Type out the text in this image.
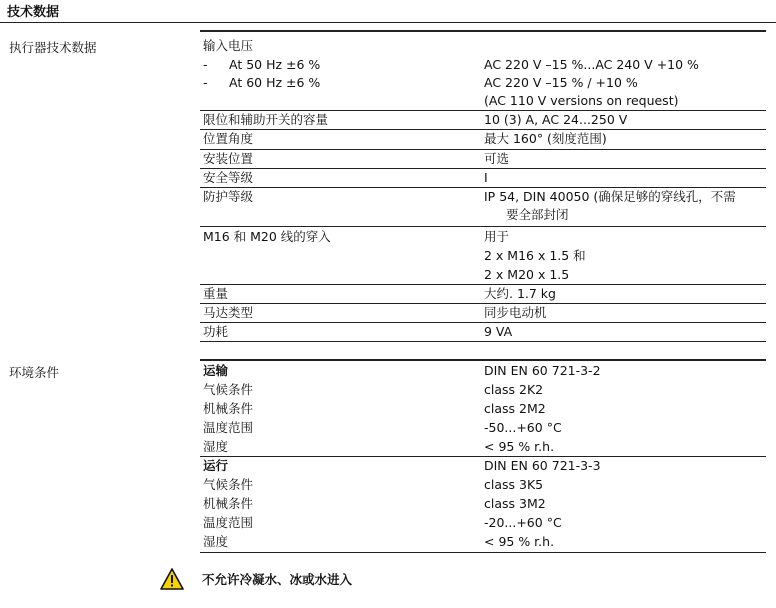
技术数据
执行器技术数据	输入电压
- At 50 Hz ±6 %	AC 220 V –15 %...AC 240 V +10 %
- At 60 Hz ±6 %	AC 220 V –15 % / +10 %
(AC 110 V versions on request)
限位和辅助开关的容量	10 (3) A, AC 24...250 V
位置角度	最大 160° (刻度范围)
安装位置	可选
安全等级	I
防护等级	IP 54, DIN 40050 (确保足够的穿线孔，不需
要全部封闭
M16 和 M20 线的穿入	用于
2 x M16 x 1.5 和
2 x M20 x 1.5
重量	大约. 1.7 kg
马达类型	同步电动机
功耗	9 VA
环境条件	运输	DIN EN 60 721-3-2
气候条件	class 2K2
机械条件	class 2M2
温度范围	-50...+60 °C
湿度	< 95 % r.h.
运行	DIN EN 60 721-3-3
气候条件	class 3K5
机械条件	class 3M2
温度范围	-20...+60 °C
湿度	< 95 % r.h.
不允许冷凝水、冰或水进入
